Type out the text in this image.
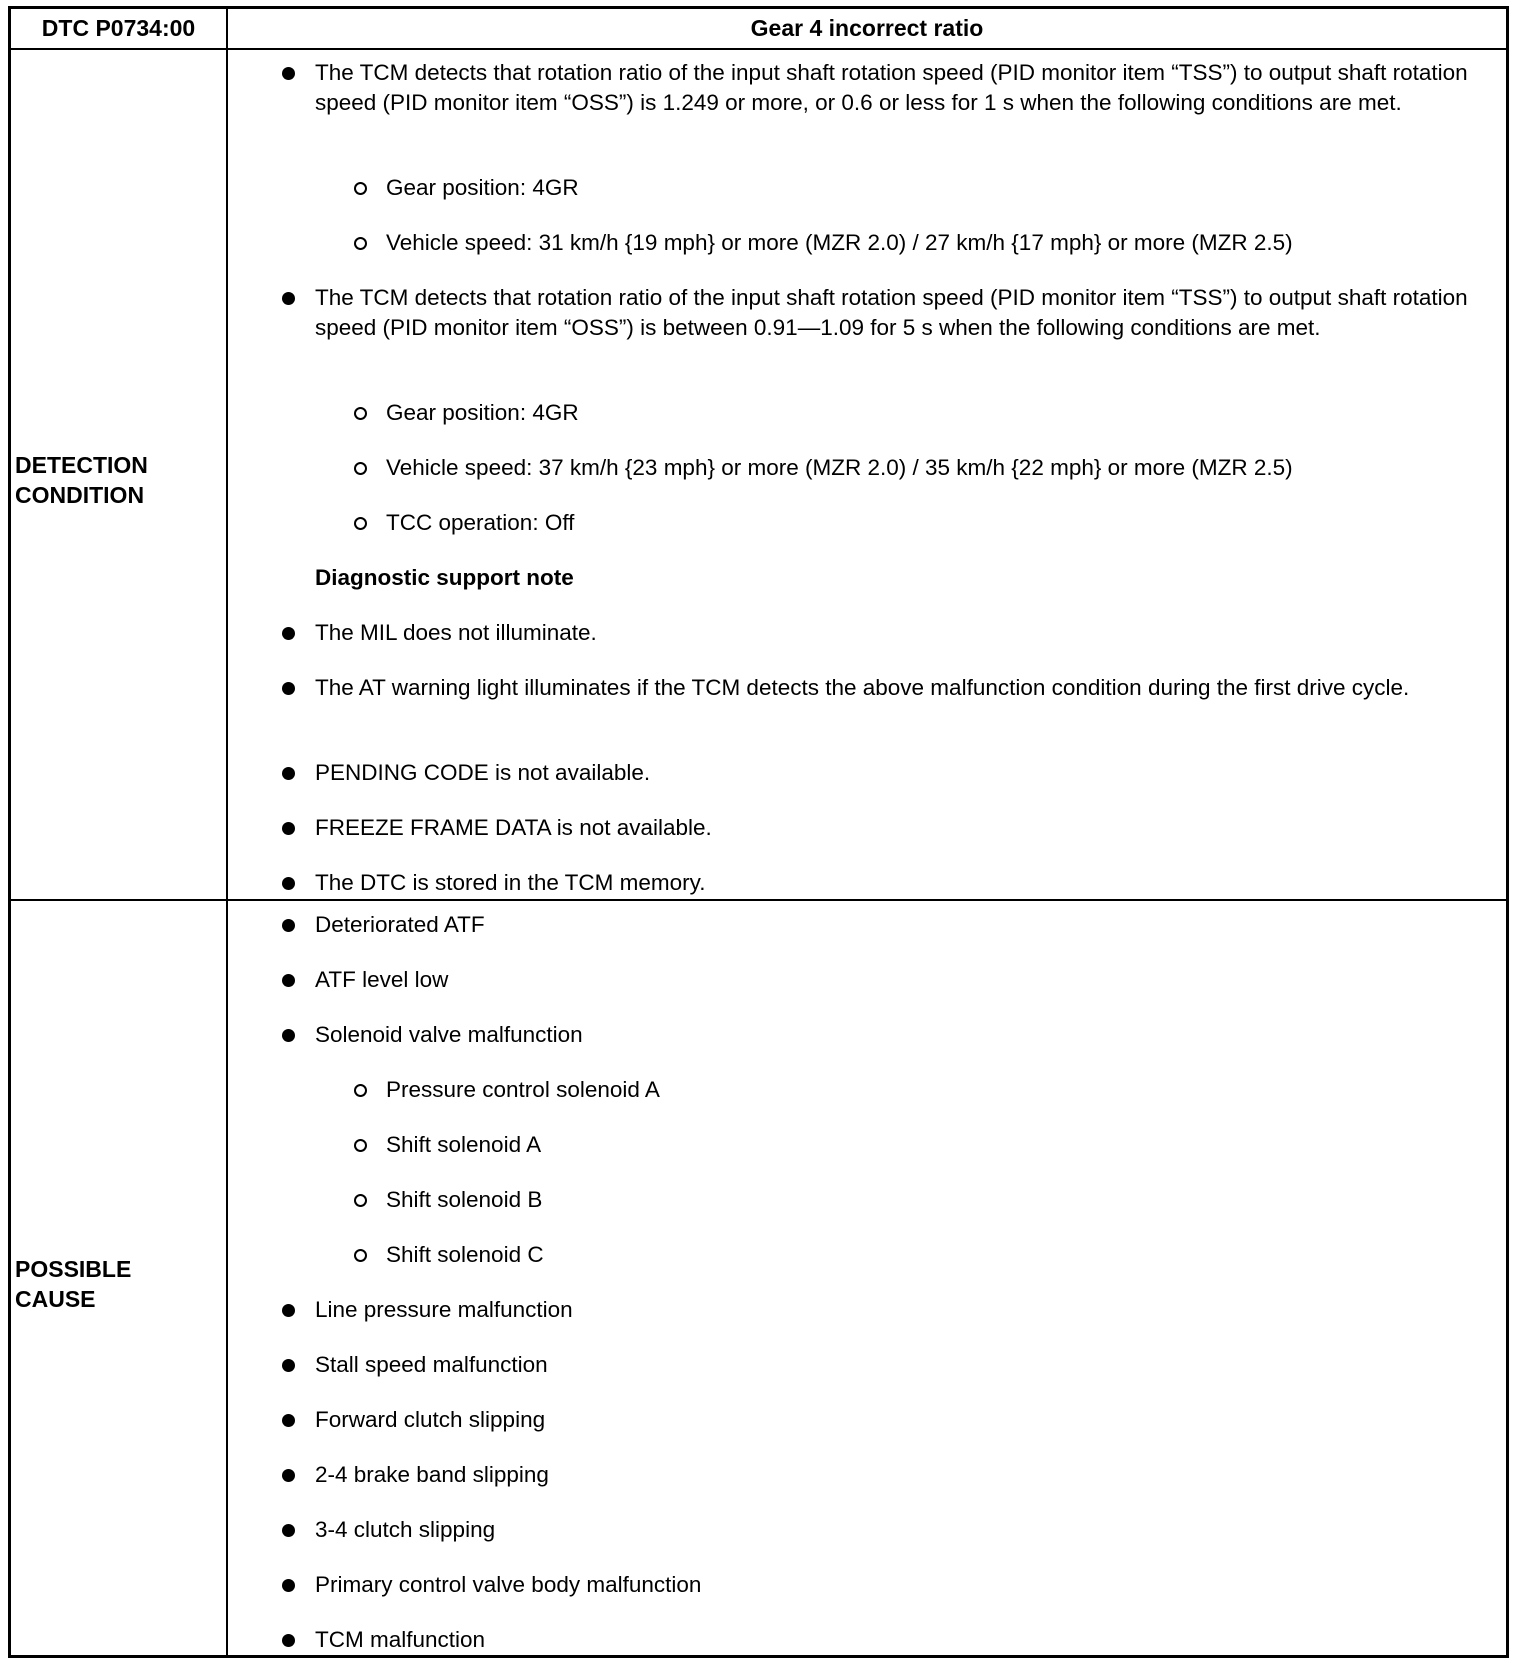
DTC P0734:00	Gear 4 incorrect ratio
DETECTION CONDITION
The TCM detects that rotation ratio of the input shaft rotation speed (PID monitor item “TSS”) to output shaft rotation speed (PID monitor item “OSS”) is 1.249 or more, or 0.6 or less for 1 s when the following conditions are met.
Gear position: 4GR
Vehicle speed: 31 km/h {19 mph} or more (MZR 2.0) / 27 km/h {17 mph} or more (MZR 2.5)
The TCM detects that rotation ratio of the input shaft rotation speed (PID monitor item “TSS”) to output shaft rotation speed (PID monitor item “OSS”) is between 0.91—1.09 for 5 s when the following conditions are met.
Gear position: 4GR
Vehicle speed: 37 km/h {23 mph} or more (MZR 2.0) / 35 km/h {22 mph} or more (MZR 2.5)
TCC operation: Off
Diagnostic support note
The MIL does not illuminate.
The AT warning light illuminates if the TCM detects the above malfunction condition during the first drive cycle.
PENDING CODE is not available.
FREEZE FRAME DATA is not available.
The DTC is stored in the TCM memory.
POSSIBLE CAUSE
Deteriorated ATF
ATF level low
Solenoid valve malfunction
Pressure control solenoid A
Shift solenoid A
Shift solenoid B
Shift solenoid C
Line pressure malfunction
Stall speed malfunction
Forward clutch slipping
2-4 brake band slipping
3-4 clutch slipping
Primary control valve body malfunction
TCM malfunction
